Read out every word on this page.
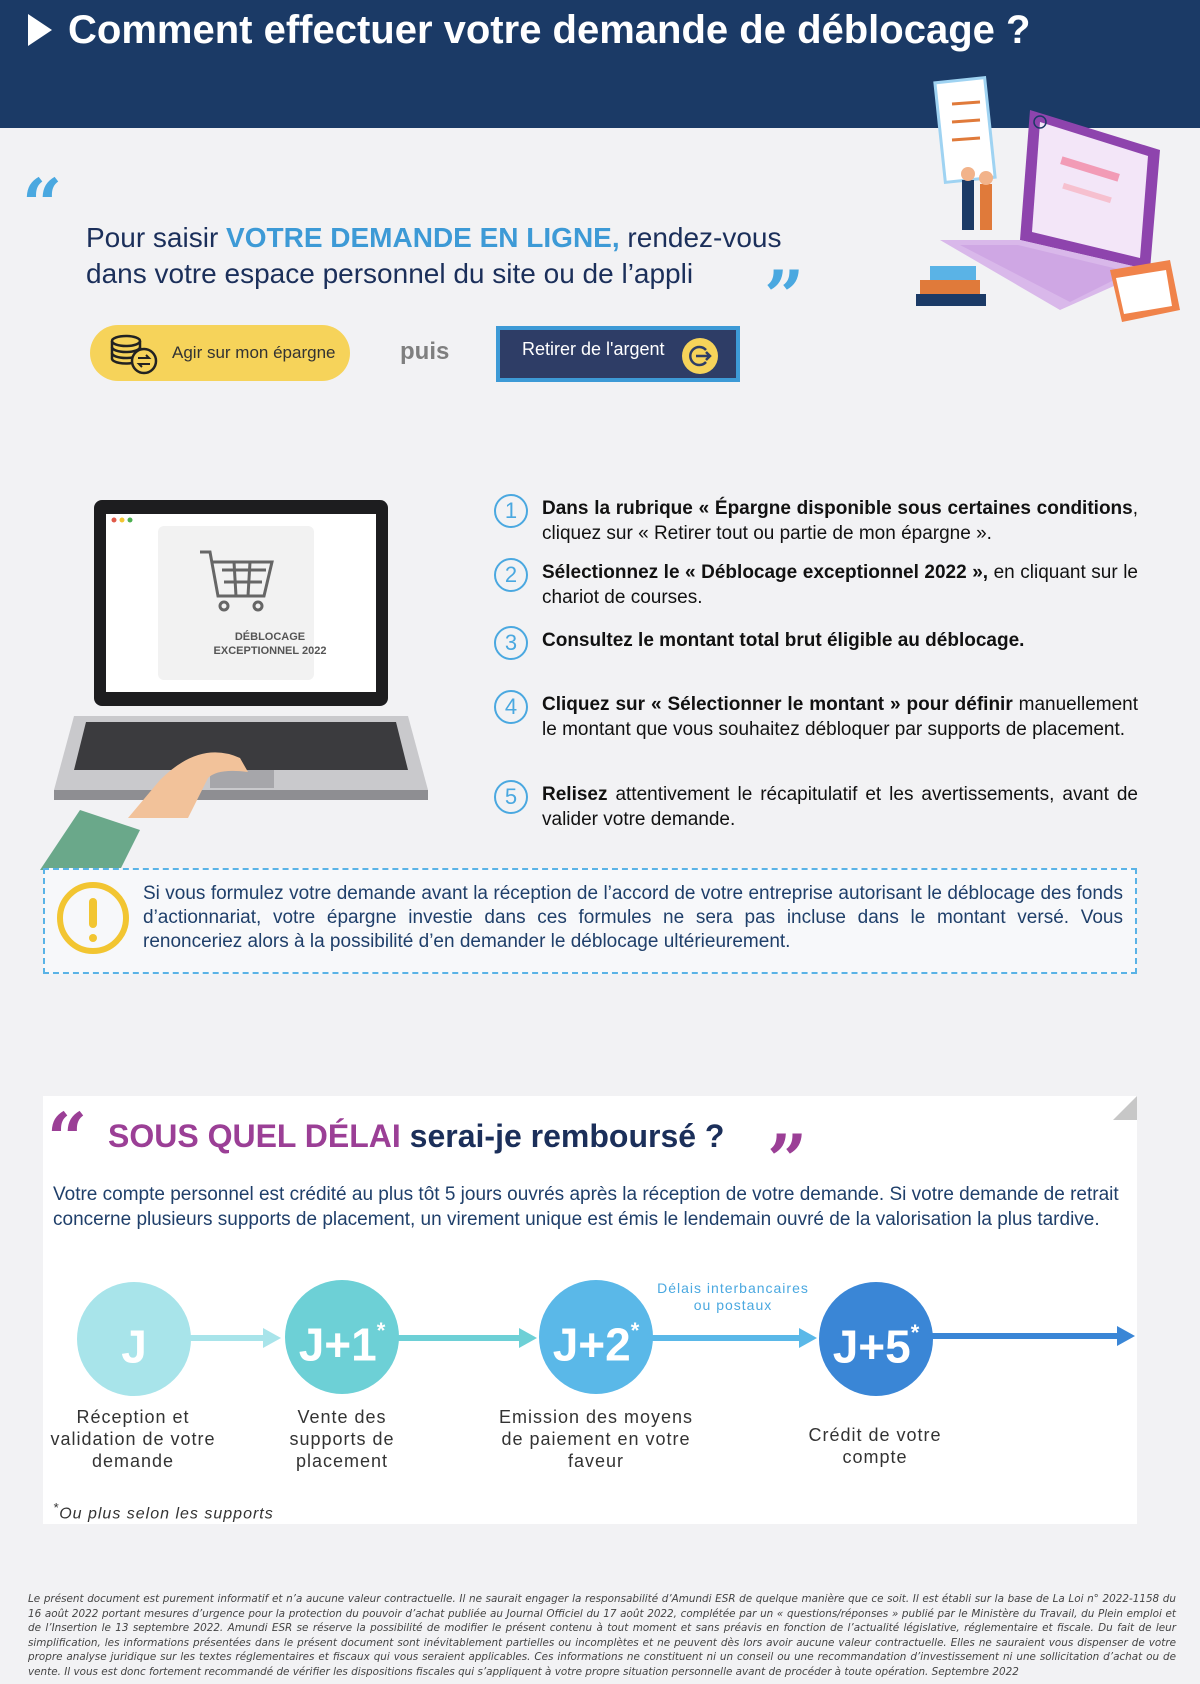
Comment effectuer votre demande de déblocage ?
“ Pour saisir VOTRE DEMANDE EN LIGNE, rendez-vous dans votre espace personnel du site ou de l’appli	”
Agir sur mon épargne	puis	Retirer de l'argent
DÉBLOCAGE
EXCEPTIONNEL 2022
1	Dans la rubrique « Épargne disponible sous certaines conditions, cliquez sur « Retirer tout ou partie de mon épargne ».
2	Sélectionnez le « Déblocage exceptionnel 2022 », en cliquant sur le chariot de courses.
3	Consultez le montant total brut éligible au déblocage.
4	Cliquez sur « Sélectionner le montant » pour définir manuellement le montant que vous souhaitez débloquer par supports de placement.
5	Relisez attentivement le récapitulatif et les avertissements, avant de valider votre demande.
Si vous formulez votre demande avant la réception de l’accord de votre entreprise autorisant le déblocage des fonds d’actionnariat, votre épargne investie dans ces formules ne sera pas incluse dans le montant versé. Vous renonceriez alors à la possibilité d’en demander le déblocage ultérieurement.
“ SOUS QUEL DÉLAI serai-je remboursé ? ”
Votre compte personnel est crédité au plus tôt 5 jours ouvrés après la réception de votre demande. Si votre demande de retrait concerne plusieurs supports de placement, un virement unique est émis le lendemain ouvré de la valorisation la plus tardive.
J	J+1*	J+2*	J+5*
Délais interbancaires ou postaux
Réception et validation de votre demande
Vente des supports de placement
Emission des moyens de paiement en votre faveur
Crédit de votre compte
*Ou plus selon les supports
Le présent document est purement informatif et n’a aucune valeur contractuelle. Il ne saurait engager la responsabilité d’Amundi ESR de quelque manière que ce soit. Il est établi sur la base de La Loi n° 2022-1158 du 16 août 2022 portant mesures d’urgence pour la protection du pouvoir d’achat publiée au Journal Officiel du 17 août 2022, complétée par un « questions/réponses » publié par le Ministère du Travail, du Plein emploi et de l’Insertion le 13 septembre 2022. Amundi ESR se réserve la possibilité de modifier le présent contenu à tout moment et sans préavis en fonction de l’actualité législative, réglementaire et fiscale. Du fait de leur simplification, les informations présentées dans le présent document sont inévitablement partielles ou incomplètes et ne peuvent dès lors avoir aucune valeur contractuelle. Elles ne sauraient vous dispenser de votre propre analyse juridique sur les textes réglementaires et fiscaux qui vous seraient applicables. Ces informations ne constituent ni un conseil ou une recommandation d’investissement ni une sollicitation d’achat ou de vente. Il vous est donc fortement recommandé de vérifier les dispositions fiscales qui s’appliquent à votre propre situation personnelle avant de procéder à toute opération. Septembre 2022
